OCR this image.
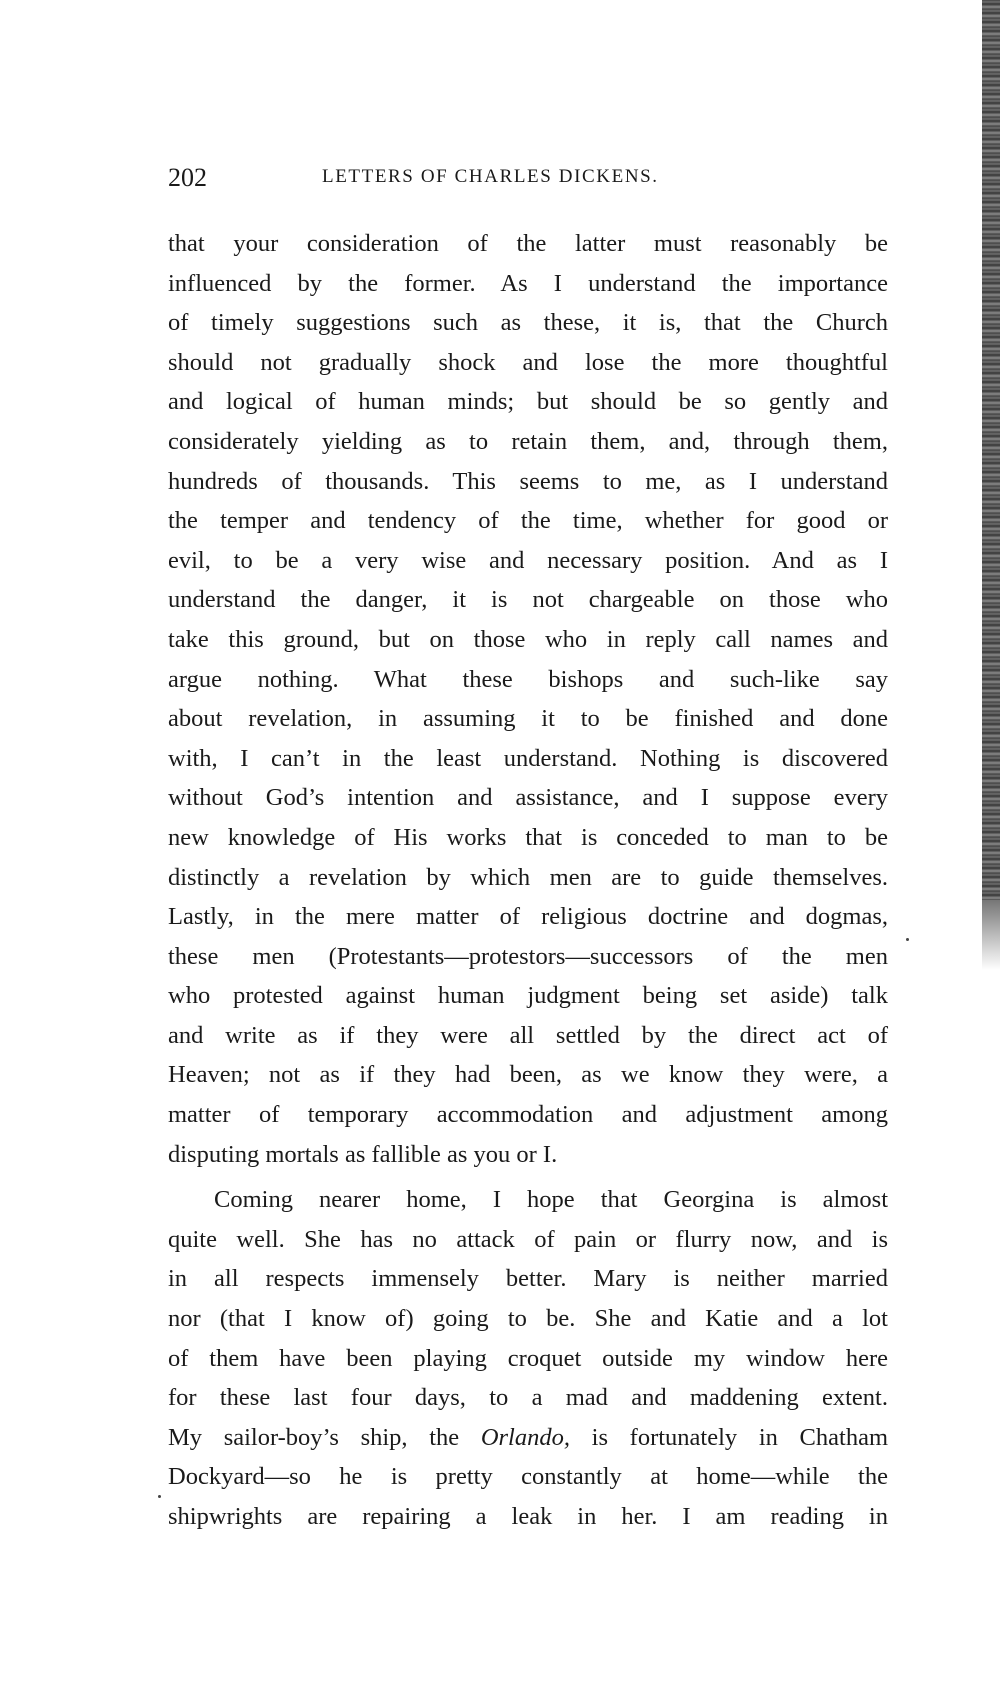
202	LETTERS OF CHARLES DICKENS.
that your consideration of the latter must reasonably be
influenced by the former. As I understand the importance
of timely suggestions such as these, it is, that the Church
should not gradually shock and lose the more thoughtful
and logical of human minds; but should be so gently and
considerately yielding as to retain them, and, through them,
hundreds of thousands. This seems to me, as I understand
the temper and tendency of the time, whether for good or
evil, to be a very wise and necessary position. And as I
understand the danger, it is not chargeable on those who
take this ground, but on those who in reply call names and
argue nothing. What these bishops and such-like say
about revelation, in assuming it to be finished and done
with, I can’t in the least understand. Nothing is discovered
without God’s intention and assistance, and I suppose every
new knowledge of His works that is conceded to man to be
distinctly a revelation by which men are to guide themselves.
Lastly, in the mere matter of religious doctrine and dogmas,
these men (Protestants—protestors—successors of the men
who protested against human judgment being set aside) talk
and write as if they were all settled by the direct act of
Heaven; not as if they had been, as we know they were, a
matter of temporary accommodation and adjustment among
disputing mortals as fallible as you or I.
Coming nearer home, I hope that Georgina is almost
quite well. She has no attack of pain or flurry now, and is
in all respects immensely better. Mary is neither married
nor (that I know of) going to be. She and Katie and a lot
of them have been playing croquet outside my window here
for these last four days, to a mad and maddening extent.
My sailor-boy’s ship, the Orlando, is fortunately in Chatham
Dockyard—so he is pretty constantly at home—while the
shipwrights are repairing a leak in her. I am reading in
